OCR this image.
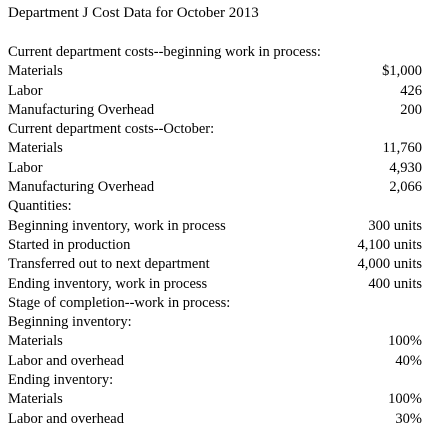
Department J Cost Data for October 2013
Current department costs--beginning work in process:
Materials	$1,000
Labor	426
Manufacturing Overhead	200
Current department costs--October:
Materials	11,760
Labor	4,930
Manufacturing Overhead	2,066
Quantities:
Beginning inventory, work in process	300 units
Started in production	4,100 units
Transferred out to next department	4,000 units
Ending inventory, work in process	400 units
Stage of completion--work in process:
Beginning inventory:
Materials	100%
Labor and overhead	40%
Ending inventory:
Materials	100%
Labor and overhead	30%
